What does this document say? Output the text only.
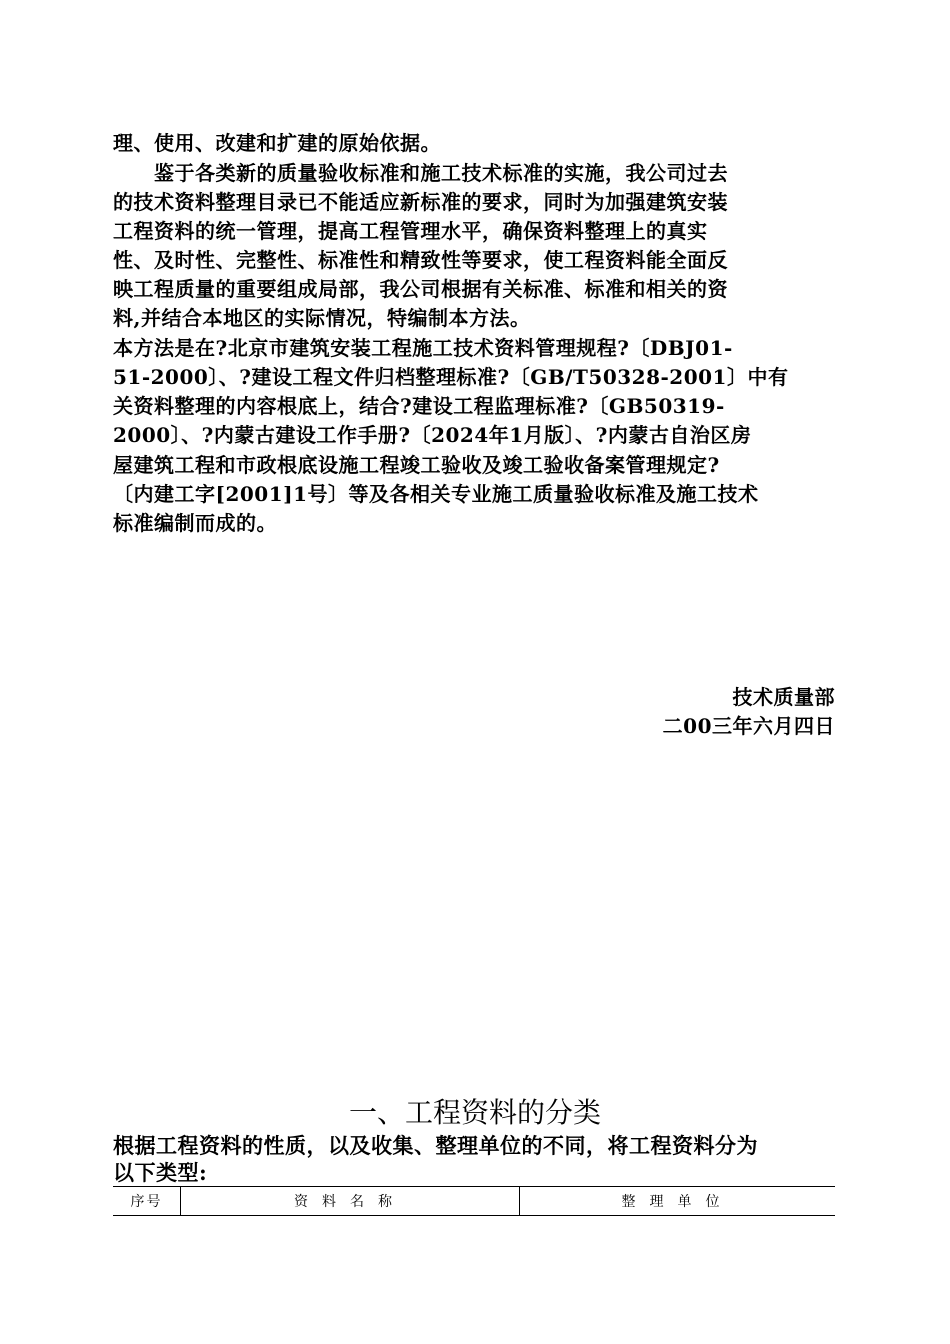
理、使用、改建和扩建的原始依据。
　　鉴于各类新的质量验收标准和施工技术标准的实施，我公司过去
的技术资料整理目录已不能适应新标准的要求，同时为加强建筑安装
工程资料的统一管理，提高工程管理水平，确保资料整理上的真实
性、及时性、完整性、标准性和精致性等要求，使工程资料能全面反
映工程质量的重要组成局部，我公司根据有关标准、标准和相关的资
料,并结合本地区的实际情况，特编制本方法。
本方法是在?北京市建筑安装工程施工技术资料管理规程?〔DBJ01-
51-2000〕、?建设工程文件归档整理标准?〔GB/T50328-2001〕中有
关资料整理的内容根底上，结合?建设工程监理标准?〔GB50319-
2000〕、?内蒙古建设工作手册?〔2024年1月版〕、?内蒙古自治区房
屋建筑工程和市政根底设施工程竣工验收及竣工验收备案管理规定?
〔内建工字[2001]1号〕等及各相关专业施工质量验收标准及施工技术
标准编制而成的。
技术质量部
二00三年六月四日
一、工程资料的分类
根据工程资料的性质，以及收集、整理单位的不同，将工程资料分为
以下类型:
序号	资料名称	整理单位
